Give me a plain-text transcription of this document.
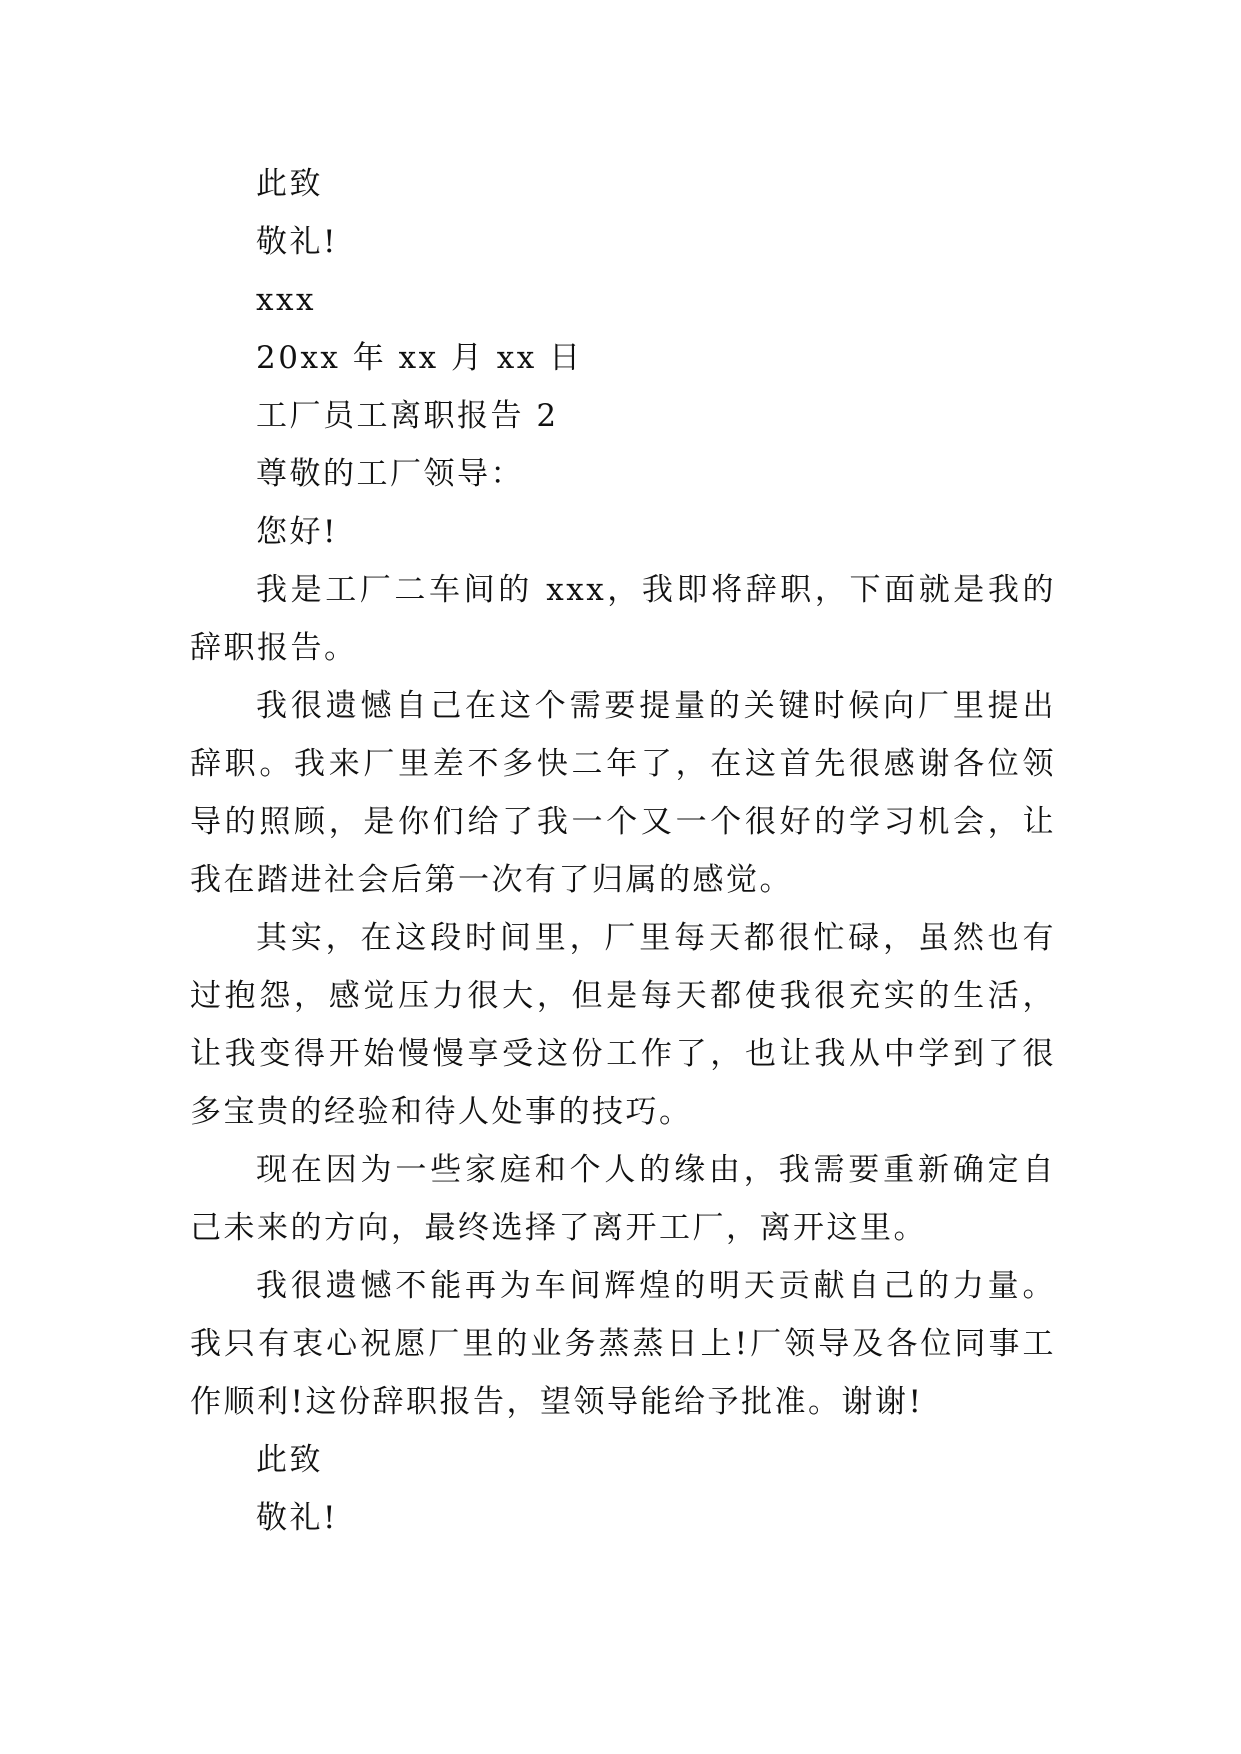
此致

敬礼!

xxx

20xx 年 xx 月 xx 日

工厂员工离职报告 2

尊敬的工厂领导：

您好!

我是工厂二车间的 xxx，我即将辞职，下面就是我的辞职报告。

我很遗憾自己在这个需要提量的关键时候向厂里提出辞职。我来厂里差不多快二年了，在这首先很感谢各位领导的照顾，是你们给了我一个又一个很好的学习机会，让我在踏进社会后第一次有了归属的感觉。

其实，在这段时间里，厂里每天都很忙碌，虽然也有过抱怨，感觉压力很大，但是每天都使我很充实的生活，让我变得开始慢慢享受这份工作了，也让我从中学到了很多宝贵的经验和待人处事的技巧。

现在因为一些家庭和个人的缘由，我需要重新确定自己未来的方向，最终选择了离开工厂，离开这里。

我很遗憾不能再为车间辉煌的明天贡献自己的力量。我只有衷心祝愿厂里的业务蒸蒸日上!厂领导及各位同事工作顺利!这份辞职报告，望领导能给予批准。谢谢!

此致

敬礼!
